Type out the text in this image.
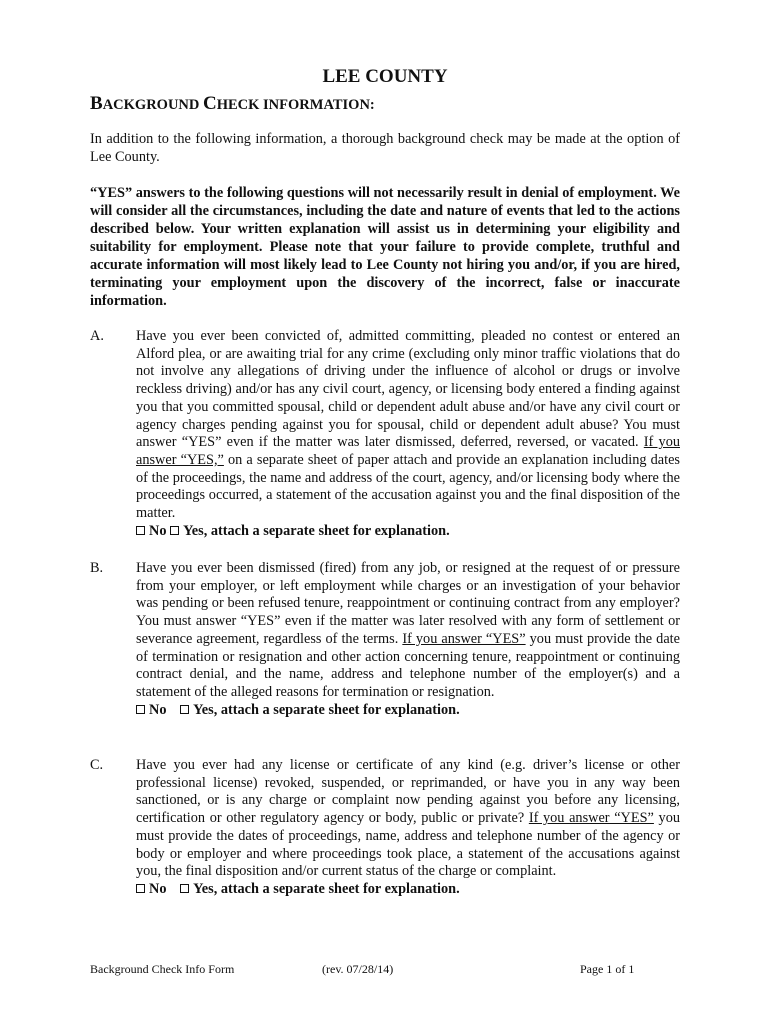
LEE COUNTY
BACKGROUND CHECK INFORMATION:
In addition to the following information, a thorough background check may be made at the option of Lee County.
“YES” answers to the following questions will not necessarily result in denial of employment. We will consider all the circumstances, including the date and nature of events that led to the actions described below. Your written explanation will assist us in determining your eligibility and suitability for employment. Please note that your failure to provide complete, truthful and accurate information will most likely lead to Lee County not hiring you and/or, if you are hired, terminating your employment upon the discovery of the incorrect, false or inaccurate information.
A. Have you ever been convicted of, admitted committing, pleaded no contest or entered an Alford plea, or are awaiting trial for any crime (excluding only minor traffic violations that do not involve any allegations of driving under the influence of alcohol or drugs or involve reckless driving) and/or has any civil court, agency, or licensing body entered a finding against you that you committed spousal, child or dependent adult abuse and/or have any civil court or agency charges pending against you for spousal, child or dependent adult abuse? You must answer “YES” even if the matter was later dismissed, deferred, reversed, or vacated. If you answer “YES,” on a separate sheet of paper attach and provide an explanation including dates of the proceedings, the name and address of the court, agency, and/or licensing body where the proceedings occurred, a statement of the accusation against you and the final disposition of the matter.
No Yes, attach a separate sheet for explanation.
B. Have you ever been dismissed (fired) from any job, or resigned at the request of or pressure from your employer, or left employment while charges or an investigation of your behavior was pending or been refused tenure, reappointment or continuing contract from any employer? You must answer “YES” even if the matter was later resolved with any form of settlement or severance agreement, regardless of the terms. If you answer “YES” you must provide the date of termination or resignation and other action concerning tenure, reappointment or continuing contract denial, and the name, address and telephone number of the employer(s) and a statement of the alleged reasons for termination or resignation.
No Yes, attach a separate sheet for explanation.
C. Have you ever had any license or certificate of any kind (e.g. driver’s license or other professional license) revoked, suspended, or reprimanded, or have you in any way been sanctioned, or is any charge or complaint now pending against you before any licensing, certification or other regulatory agency or body, public or private? If you answer “YES” you must provide the dates of proceedings, name, address and telephone number of the agency or body or employer and where proceedings took place, a statement of the accusations against you, the final disposition and/or current status of the charge or complaint.
No Yes, attach a separate sheet for explanation.
Background Check Info Form	(rev. 07/28/14)	Page 1 of 1
